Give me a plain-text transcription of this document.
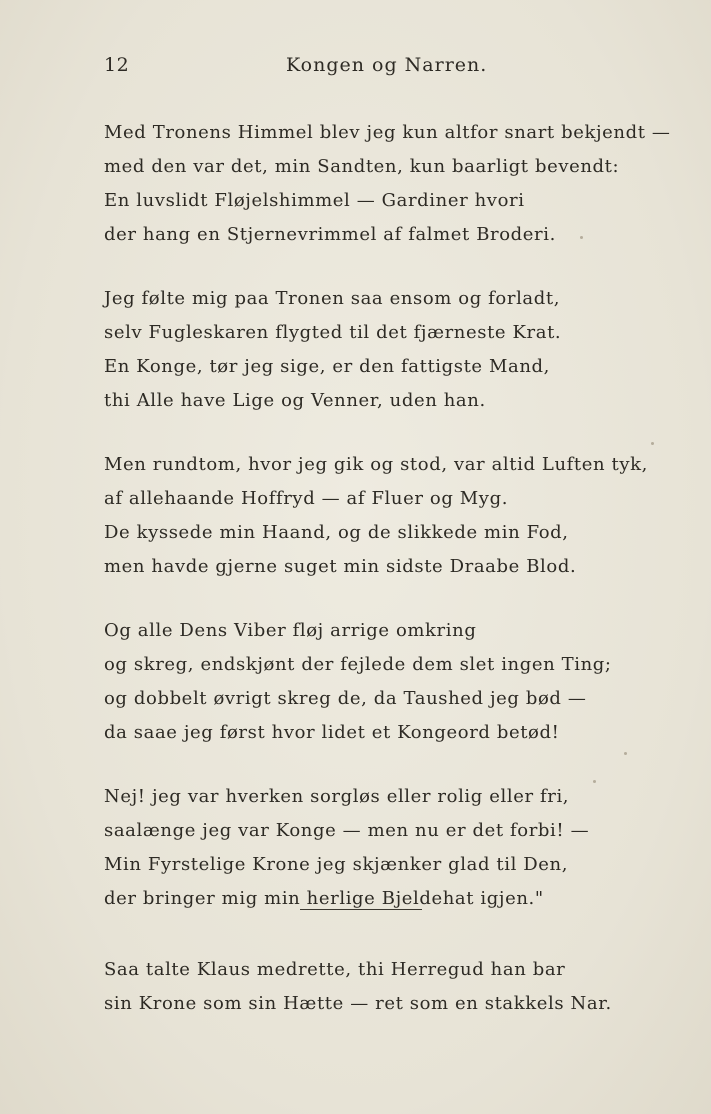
12	Kongen og Narren.
Med Tronens Himmel blev jeg kun altfor snart bekjendt —
med den var det, min Sandten, kun baarligt bevendt:
En luvslidt Fløjelshimmel — Gardiner hvori
der hang en Stjernevrimmel af falmet Broderi.
Jeg følte mig paa Tronen saa ensom og forladt,
selv Fugleskaren flygted til det fjærneste Krat.
En Konge, tør jeg sige, er den fattigste Mand,
thi Alle have Lige og Venner, uden han.
Men rundtom, hvor jeg gik og stod, var altid Luften tyk,
af allehaande Hoffryd — af Fluer og Myg.
De kyssede min Haand, og de slikkede min Fod,
men havde gjerne suget min sidste Draabe Blod.
Og alle Dens Viber fløj arrige omkring
og skreg, endskjønt der fejlede dem slet ingen Ting;
og dobbelt øvrigt skreg de, da Taushed jeg bød —
da saae jeg først hvor lidet et Kongeord betød!
Nej! jeg var hverken sorgløs eller rolig eller fri,
saalænge jeg var Konge — men nu er det forbi! —
Min Fyrstelige Krone jeg skjænker glad til Den,
der bringer mig min herlige Bjeldehat igjen."
Saa talte Klaus medrette, thi Herregud han bar
sin Krone som sin Hætte — ret som en stakkels Nar.
